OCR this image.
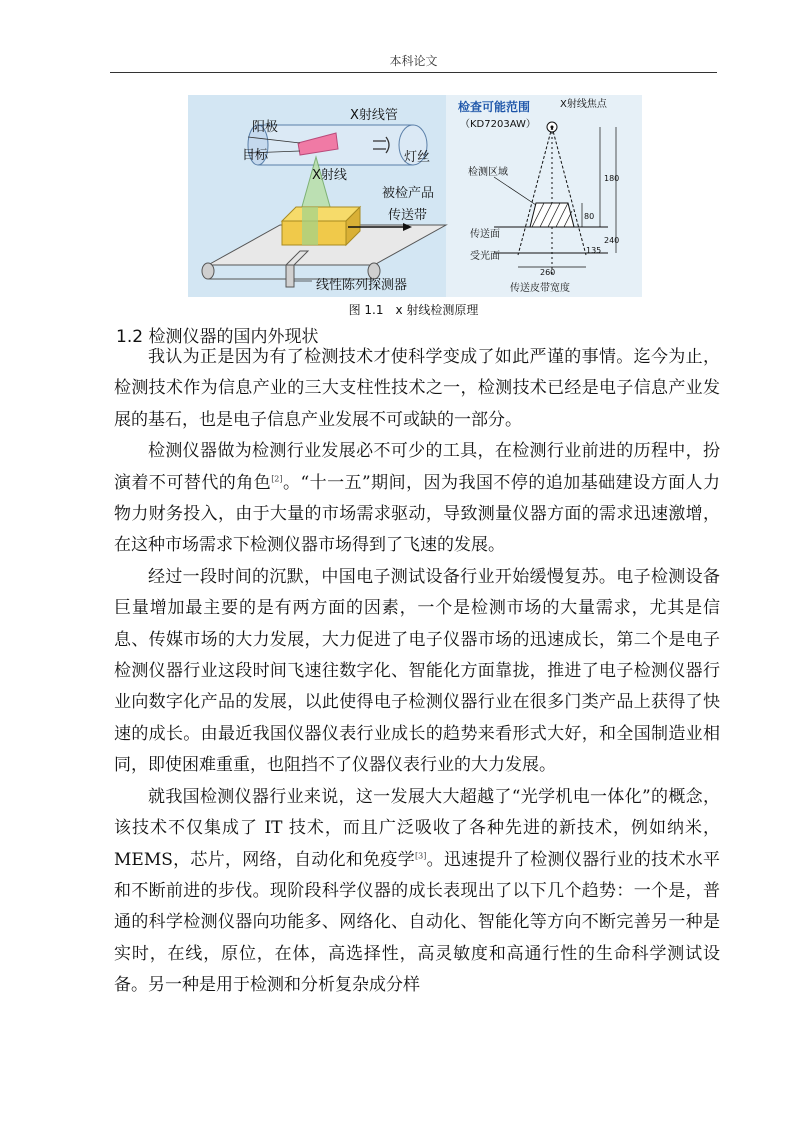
本科论文
阳极
X射线管
目标	灯丝
X射线
被检产品
传送带
线性陈列探测器
检查可能范围
（KD7203AW）
X射线焦点
检测区域
传送面
受光面
180
80
240
135
260
传送皮带宽度
图 1.1　x 射线检测原理
1.2 检测仪器的国内外现状

我认为正是因为有了检测技术才使科学变成了如此严谨的事情。迄今为止，检测技术作为信息产业的三大支柱性技术之一，检测技术已经是电子信息产业发展的基石，也是电子信息产业发展不可或缺的一部分。

检测仪器做为检测行业发展必不可少的工具，在检测行业前进的历程中，扮演着不可替代的角色[2]。“十一五”期间，因为我国不停的追加基础建设方面人力物力财务投入，由于大量的市场需求驱动，导致测量仪器方面的需求迅速激增，在这种市场需求下检测仪器市场得到了飞速的发展。

经过一段时间的沉默，中国电子测试设备行业开始缓慢复苏。电子检测设备巨量增加最主要的是有两方面的因素，一个是检测市场的大量需求，尤其是信息、传媒市场的大力发展，大力促进了电子仪器市场的迅速成长，第二个是电子检测仪器行业这段时间飞速往数字化、智能化方面靠拢，推进了电子检测仪器行业向数字化产品的发展，以此使得电子检测仪器行业在很多门类产品上获得了快速的成长。由最近我国仪器仪表行业成长的趋势来看形式大好，和全国制造业相同，即使困难重重，也阻挡不了仪器仪表行业的大力发展。

就我国检测仪器行业来说，这一发展大大超越了“光学机电一体化”的概念，该技术不仅集成了 IT 技术，而且广泛吸收了各种先进的新技术，例如纳米，MEMS，芯片，网络，自动化和免疫学[3]。迅速提升了检测仪器行业的技术水平和不断前进的步伐。现阶段科学仪器的成长表现出了以下几个趋势：一个是，普通的科学检测仪器向功能多、网络化、自动化、智能化等方向不断完善另一种是实时，在线，原位，在体，高选择性，高灵敏度和高通行性的生命科学测试设备。另一种是用于检测和分析复杂成分样
